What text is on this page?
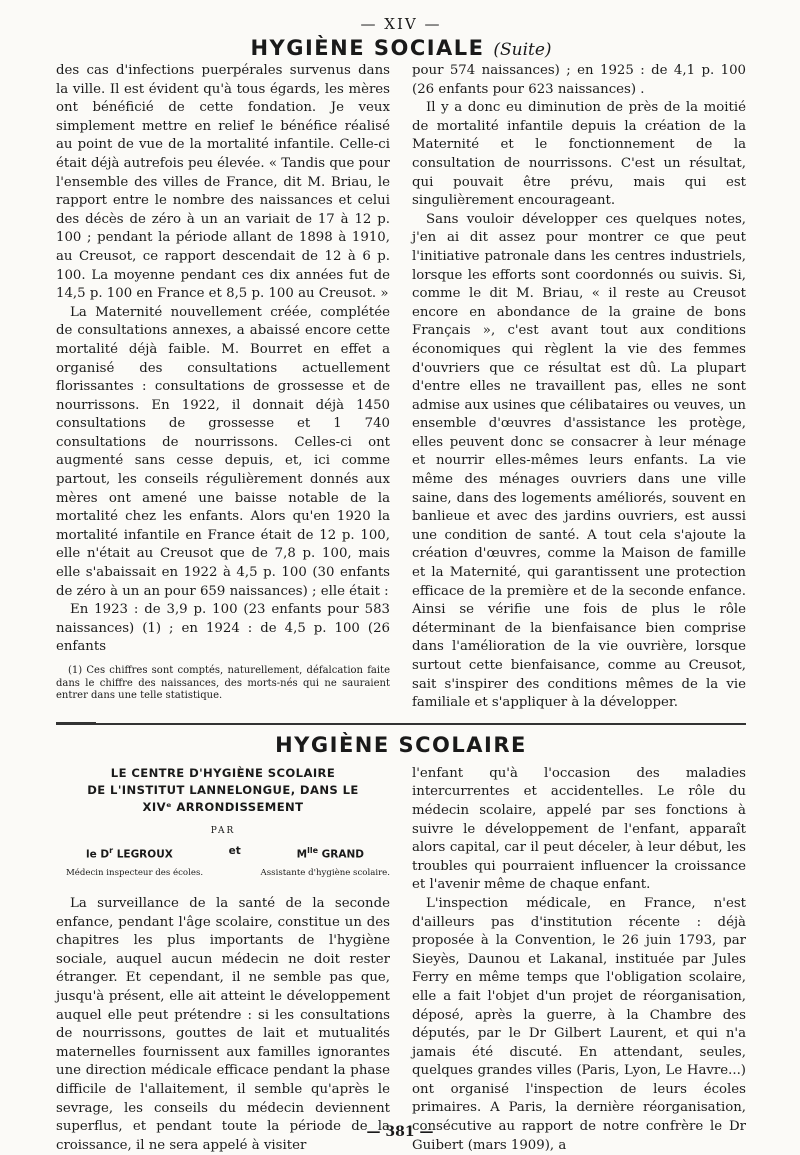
— XIV —
HYGIÈNE SOCIALE (Suite)

des cas d'infections puerpérales survenus dans la ville. Il est évident qu'à tous égards, les mères ont bénéficié de cette fondation. Je veux simplement mettre en relief le bénéfice réalisé au point de vue de la mortalité infantile. Celle-ci était déjà autrefois peu élevée. « Tandis que pour l'ensemble des villes de France, dit M. Briau, le rapport entre le nombre des naissances et celui des décès de zéro à un an variait de 17 à 12 p. 100 ; pendant la période allant de 1898 à 1910, au Creusot, ce rapport descendait de 12 à 6 p. 100. La moyenne pendant ces dix années fut de 14,5 p. 100 en France et 8,5 p. 100 au Creusot. »

La Maternité nouvellement créée, complétée de consultations annexes, a abaissé encore cette mortalité déjà faible. M. Bourret en effet a organisé des consultations actuellement florissantes : consultations de grossesse et de nourrissons. En 1922, il donnait déjà 1450 consultations de grossesse et 1 740 consultations de nourrissons. Celles-ci ont augmenté sans cesse depuis, et, ici comme partout, les conseils régulièrement donnés aux mères ont amené une baisse notable de la mortalité chez les enfants. Alors qu'en 1920 la mortalité infantile en France était de 12 p. 100, elle n'était au Creusot que de 7,8 p. 100, mais elle s'abaissait en 1922 à 4,5 p. 100 (30 enfants de zéro à un an pour 659 naissances) ; elle était :

En 1923 : de 3,9 p. 100 (23 enfants pour 583 naissances) (1) ; en 1924 : de 4,5 p. 100 (26 enfants

(1) Ces chiffres sont comptés, naturellement, défalcation faite dans le chiffre des naissances, des morts-nés qui ne sauraient entrer dans une telle statistique.

pour 574 naissances) ; en 1925 : de 4,1 p. 100 (26 enfants pour 623 naissances) .

Il y a donc eu diminution de près de la moitié de mortalité infantile depuis la création de la Maternité et le fonctionnement de la consultation de nourrissons. C'est un résultat, qui pouvait être prévu, mais qui est singulièrement encourageant.

Sans vouloir développer ces quelques notes, j'en ai dit assez pour montrer ce que peut l'initiative patronale dans les centres industriels, lorsque les efforts sont coordonnés ou suivis. Si, comme le dit M. Briau, « il reste au Creusot encore en abondance de la graine de bons Français », c'est avant tout aux conditions économiques qui règlent la vie des femmes d'ouvriers que ce résultat est dû. La plupart d'entre elles ne travaillent pas, elles ne sont admise aux usines que célibataires ou veuves, un ensemble d'œuvres d'assistance les protège, elles peuvent donc se consacrer à leur ménage et nourrir elles-mêmes leurs enfants. La vie même des ménages ouvriers dans une ville saine, dans des logements améliorés, souvent en banlieue et avec des jardins ouvriers, est aussi une condition de santé. A tout cela s'ajoute la création d'œuvres, comme la Maison de famille et la Maternité, qui garantissent une protection efficace de la première et de la seconde enfance. Ainsi se vérifie une fois de plus le rôle déterminant de la bienfaisance bien comprise dans l'amélioration de la vie ouvrière, lorsque surtout cette bienfaisance, comme au Creusot, sait s'inspirer des conditions mêmes de la vie familiale et s'appliquer à la développer.

HYGIÈNE SCOLAIRE
LE CENTRE D'HYGIÈNE SCOLAIRE
DE L'INSTITUT LANNELONGUE, DANS LE
XIVᵉ ARRONDISSEMENT
PAR
le $D^r$ LEGROUX	et	$M^{lle}$ GRAND
Médecin inspecteur des écoles.	Assistante d'hygiène scolaire.

La surveillance de la santé de la seconde enfance, pendant l'âge scolaire, constitue un des chapitres les plus importants de l'hygiène sociale, auquel aucun médecin ne doit rester étranger. Et cependant, il ne semble pas que, jusqu'à présent, elle ait atteint le développement auquel elle peut prétendre : si les consultations de nourrissons, gouttes de lait et mutualités maternelles fournissent aux familles ignorantes une direction médicale efficace pendant la phase difficile de l'allaitement, il semble qu'après le sevrage, les conseils du médecin deviennent superflus, et pendant toute la période de la croissance, il ne sera appelé à visiter

l'enfant qu'à l'occasion des maladies intercurrentes et accidentelles. Le rôle du médecin scolaire, appelé par ses fonctions à suivre le développement de l'enfant, apparaît alors capital, car il peut déceler, à leur début, les troubles qui pourraient influencer la croissance et l'avenir même de chaque enfant.

L'inspection médicale, en France, n'est d'ailleurs pas d'institution récente : déjà proposée à la Convention, le 26 juin 1793, par Sieyès, Daunou et Lakanal, instituée par Jules Ferry en même temps que l'obligation scolaire, elle a fait l'objet d'un projet de réorganisation, déposé, après la guerre, à la Chambre des députés, par le Dr Gilbert Laurent, et qui n'a jamais été discuté. En attendant, seules, quelques grandes villes (Paris, Lyon, Le Havre...) ont organisé l'inspection de leurs écoles primaires. A Paris, la dernière réorganisation, consécutive au rapport de notre confrère le Dr Guibert (mars 1909), a

— 381 —
